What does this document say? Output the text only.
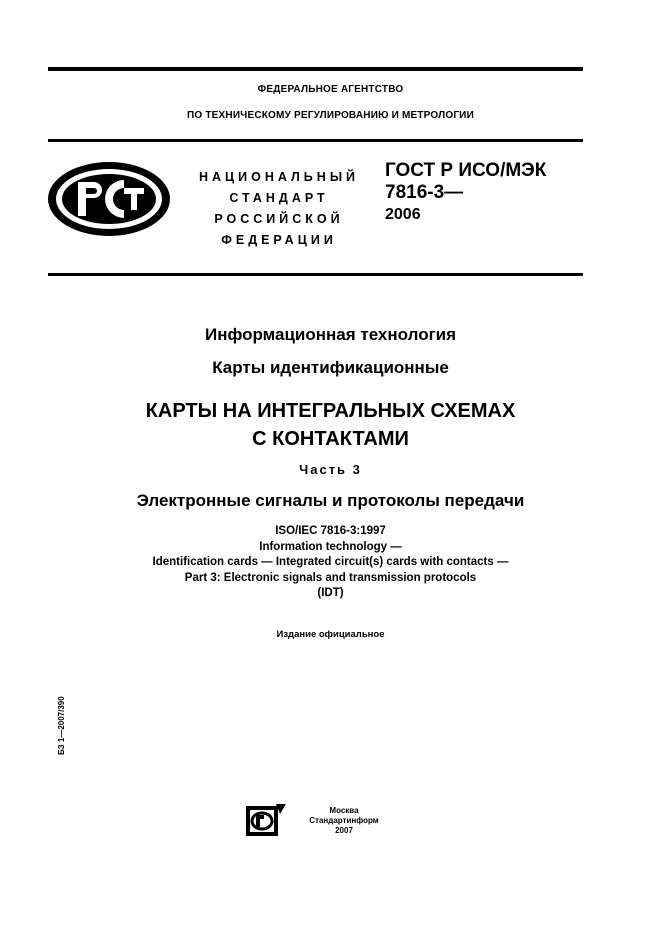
ФЕДЕРАЛЬНОЕ АГЕНТСТВО
ПО ТЕХНИЧЕСКОМУ РЕГУЛИРОВАНИЮ И МЕТРОЛОГИИ
НАЦИОНАЛЬНЫЙ
СТАНДАРТ
РОССИЙСКОЙ
ФЕДЕРАЦИИ
ГОСТ Р ИСО/МЭК
7816-3—
2006
Информационная технология
Карты идентификационные
КАРТЫ НА ИНТЕГРАЛЬНЫХ СХЕМАХ
С КОНТАКТАМИ
Часть 3
Электронные сигналы и протоколы передачи
ISO/IEC 7816-3:1997
Information technology —
Identification cards — Integrated circuit(s) cards with contacts —
Part 3: Electronic signals and transmission protocols
(IDT)
Издание официальное
БЗ 1—2007/390
Москва
Стандартинформ
2007
